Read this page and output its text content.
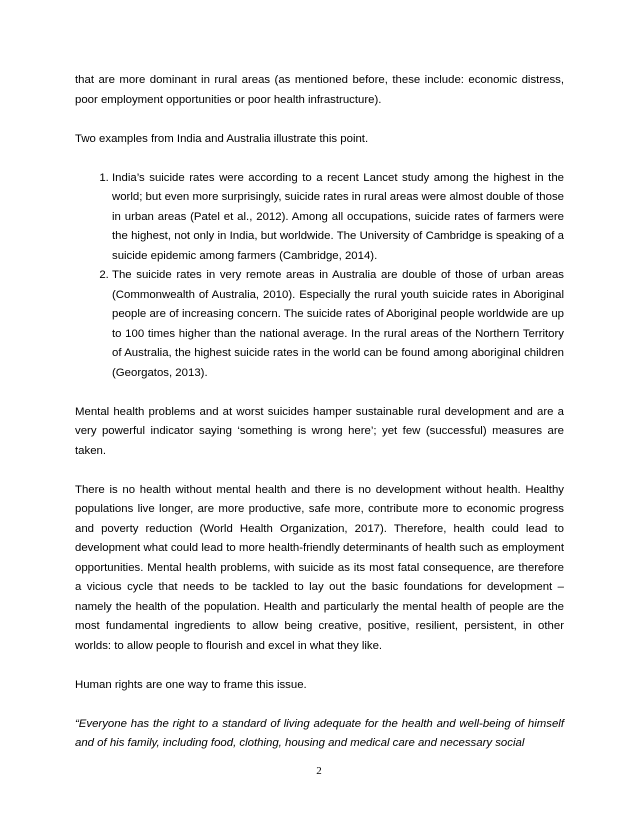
that are more dominant in rural areas (as mentioned before, these include: economic distress, poor employment opportunities or poor health infrastructure).

Two examples from India and Australia illustrate this point.

1. India’s suicide rates were according to a recent Lancet study among the highest in the world; but even more surprisingly, suicide rates in rural areas were almost double of those in urban areas (Patel et al., 2012). Among all occupations, suicide rates of farmers were the highest, not only in India, but worldwide. The University of Cambridge is speaking of a suicide epidemic among farmers (Cambridge, 2014).
2. The suicide rates in very remote areas in Australia are double of those of urban areas (Commonwealth of Australia, 2010). Especially the rural youth suicide rates in Aboriginal people are of increasing concern. The suicide rates of Aboriginal people worldwide are up to 100 times higher than the national average. In the rural areas of the Northern Territory of Australia, the highest suicide rates in the world can be found among aboriginal children (Georgatos, 2013).

Mental health problems and at worst suicides hamper sustainable rural development and are a very powerful indicator saying ‘something is wrong here’; yet few (successful) measures are taken.

There is no health without mental health and there is no development without health. Healthy populations live longer, are more productive, safe more, contribute more to economic progress and poverty reduction (World Health Organization, 2017). Therefore, health could lead to development what could lead to more health-friendly determinants of health such as employment opportunities. Mental health problems, with suicide as its most fatal consequence, are therefore a vicious cycle that needs to be tackled to lay out the basic foundations for development – namely the health of the population. Health and particularly the mental health of people are the most fundamental ingredients to allow being creative, positive, resilient, persistent, in other worlds: to allow people to flourish and excel in what they like.

Human rights are one way to frame this issue.

“Everyone has the right to a standard of living adequate for the health and well-being of himself and of his family, including food, clothing, housing and medical care and necessary social

2
